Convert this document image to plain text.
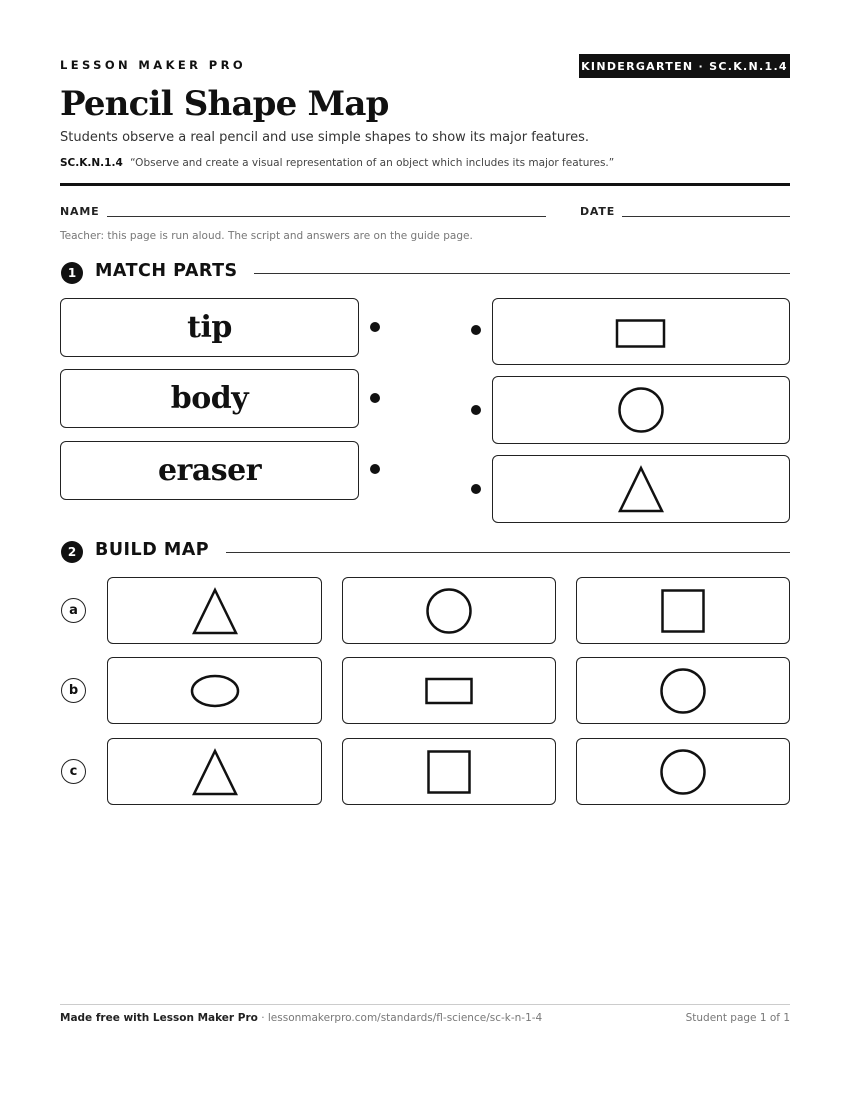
LESSON MAKER PRO	KINDERGARTEN · SC.K.N.1.4
Pencil Shape Map
Students observe a real pencil and use simple shapes to show its major features.
SC.K.N.1.4 “Observe and create a visual representation of an object which includes its major features.”
NAME	DATE
Teacher: this page is run aloud. The script and answers are on the guide page.
1	MATCH PARTS
tip
body
eraser
2	BUILD MAP
a
b
c
Made free with Lesson Maker Pro · lessonmakerpro.com/standards/fl-science/sc-k-n-1-4	Student page 1 of 1
